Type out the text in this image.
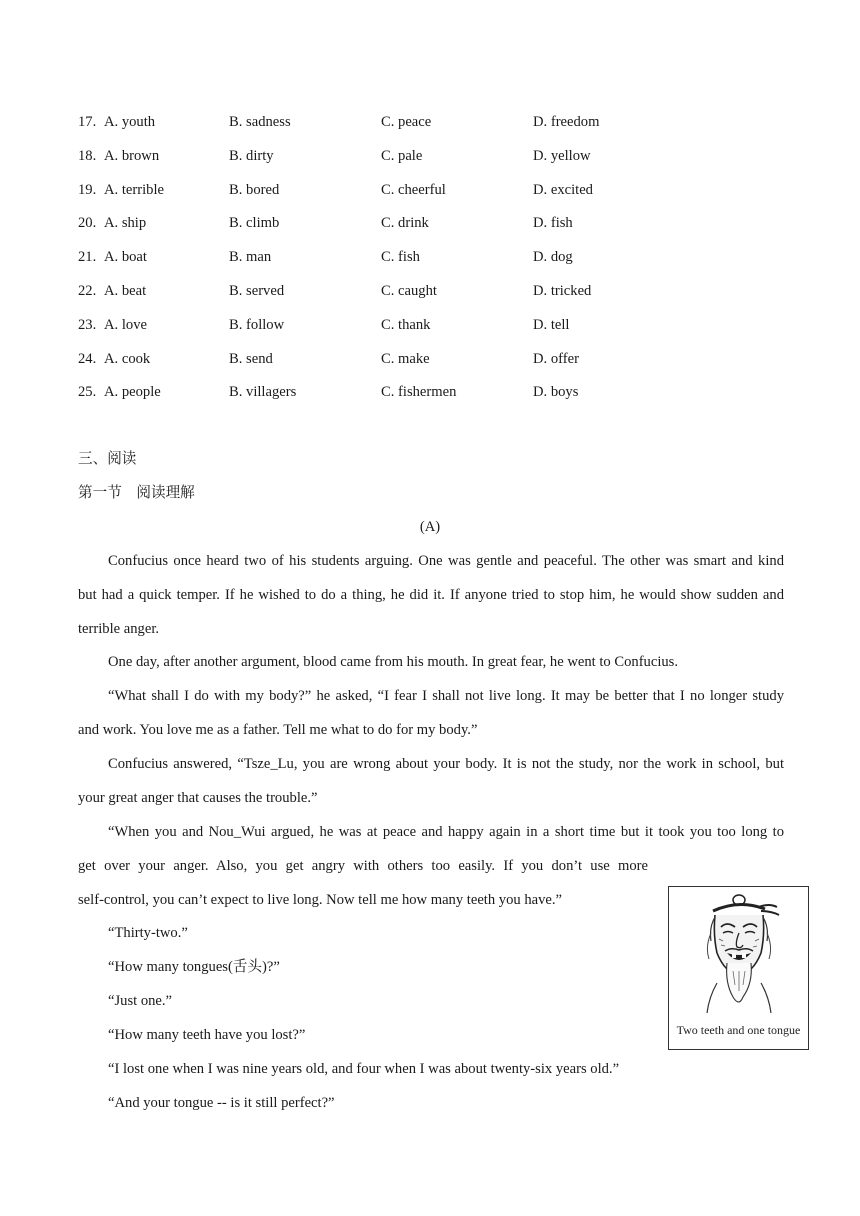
17. A. youth	B. sadness	C. peace	D. freedom
18. A. brown	B. dirty	C. pale	D. yellow
19. A. terrible	B. bored	C. cheerful	D. excited
20. A. ship	B. climb	C. drink	D. fish
21. A. boat	B. man	C. fish	D. dog
22. A. beat	B. served	C. caught	D. tricked
23. A. love	B. follow	C. thank	D. tell
24. A. cook	B. send	C. make	D. offer
25. A. people	B. villagers	C. fishermen	D. boys
三、阅读
第一节　阅读理解
(A)
Confucius once heard two of his students arguing. One was gentle and peaceful. The other was smart and kind
but had a quick temper. If he wished to do a thing, he did it. If anyone tried to stop him, he would show sudden and
terrible anger.
One day, after another argument, blood came from his mouth. In great fear, he went to Confucius.
“What shall I do with my body?” he asked, “I fear I shall not live long. It may be better that I no longer study
and work. You love me as a father. Tell me what to do for my body.”
Confucius answered, “Tsze_Lu, you are wrong about your body. It is not the study, nor the work in school, but
your great anger that causes the trouble.”
“When you and Nou_Wui argued, he was at peace and happy again in a short time but it took you too long to
get over your anger. Also, you get angry with others too easily. If you don’t use more
self-control, you can’t expect to live long. Now tell me how many teeth you have.”
“Thirty-two.”
“How many tongues(舌头)?”
“Just one.”
“How many teeth have you lost?”
“I lost one when I was nine years old, and four when I was about twenty-six years old.”
“And your tongue -- is it still perfect?”
Two teeth and one tongue
